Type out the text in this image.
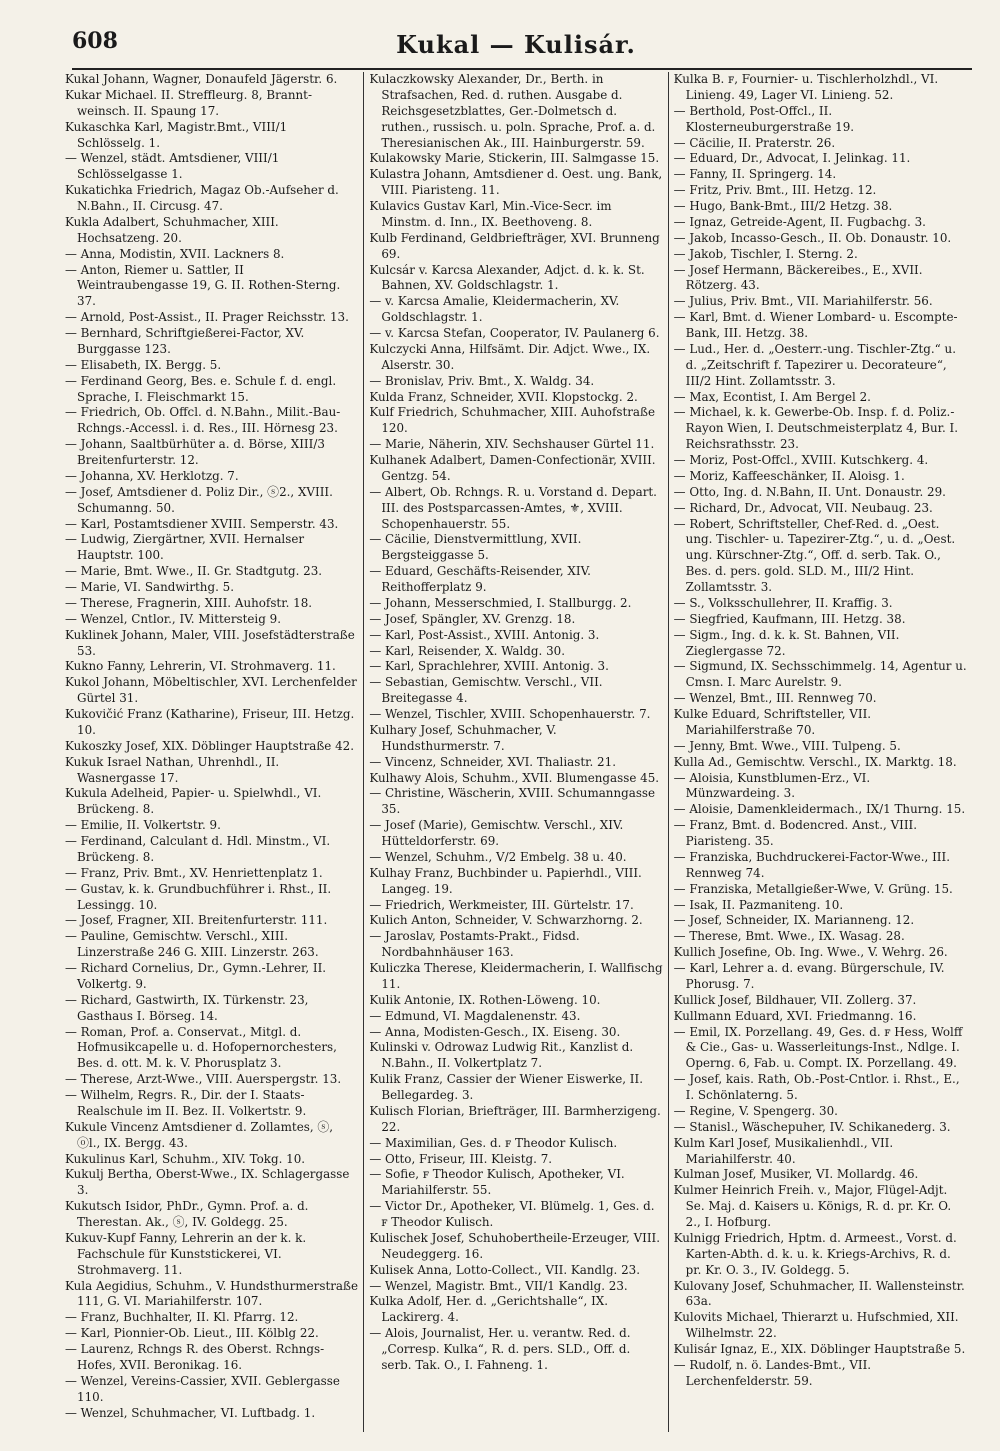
608	Kukal — Kulisár.

Kukal Johann, Wagner, Donaufeld Jägerstr. 6.

Kukar Michael. II. Streffleurg. 8, Brannt-weinsch. II. Spaung 17.

Kukaschka Karl, Magistr.Bmt., VIII/1 Schlösselg. 1.

— Wenzel, städt. Amtsdiener, VIII/1 Schlösselgasse 1.

Kukatichka Friedrich, Magaz Ob.-Aufseher d. N.Bahn., II. Circusg. 47.

Kukla Adalbert, Schuhmacher, XIII. Hochsatzeng. 20.

— Anna, Modistin, XVII. Lackners 8.

— Anton, Riemer u. Sattler, II Weintraubengasse 19, G. II. Rothen-Sterng. 37.

— Arnold, Post-Assist., II. Prager Reichsstr. 13.

— Bernhard, Schriftgießerei-Factor, XV. Burggasse 123.

— Elisabeth, IX. Bergg. 5.

— Ferdinand Georg, Bes. e. Schule f. d. engl. Sprache, I. Fleischmarkt 15.

— Friedrich, Ob. Offcl. d. N.Bahn., Milit.-Bau-Rchngs.-Accessl. i. d. Res., III. Hörnesg 23.

— Johann, Saaltbürhüter a. d. Börse, XIII/3 Breitenfurterstr. 12.

— Johanna, XV. Herklotzg. 7.

— Josef, Amtsdiener d. Poliz Dir., ⓢ2., XVIII. Schumanng. 50.

— Karl, Postamtsdiener XVIII. Semperstr. 43.

— Ludwig, Ziergärtner, XVII. Hernalser Hauptstr. 100.

— Marie, Bmt. Wwe., II. Gr. Stadtgutg. 23.

— Marie, VI. Sandwirthg. 5.

— Therese, Fragnerin, XIII. Auhofstr. 18.

— Wenzel, Cntlor., IV. Mittersteig 9.

Kuklinek Johann, Maler, VIII. Josefstädterstraße 53.

Kukno Fanny, Lehrerin, VI. Strohmaverg. 11.

Kukol Johann, Möbeltischler, XVI. Lerchenfelder Gürtel 31.

Kukovičić Franz (Katharine), Friseur, III. Hetzg. 10.

Kukoszky Josef, XIX. Döblinger Hauptstraße 42.

Kukuk Israel Nathan, Uhrenhdl., II. Wasnergasse 17.

Kukula Adelheid, Papier- u. Spielwhdl., VI. Brückeng. 8.

— Emilie, II. Volkertstr. 9.

— Ferdinand, Calculant d. Hdl. Minstm., VI. Brückeng. 8.

— Franz, Priv. Bmt., XV. Henriettenplatz 1.

— Gustav, k. k. Grundbuchführer i. Rhst., II. Lessingg. 10.

— Josef, Fragner, XII. Breitenfurterstr. 111.

— Pauline, Gemischtw. Verschl., XIII. Linzerstraße 246 G. XIII. Linzerstr. 263.

— Richard Cornelius, Dr., Gymn.-Lehrer, II. Volkertg. 9.

— Richard, Gastwirth, IX. Türkenstr. 23, Gasthaus I. Börseg. 14.

— Roman, Prof. a. Conservat., Mitgl. d. Hofmusikcapelle u. d. Hofopernorchesters, Bes. d. ott. M. k. V. Phorusplatz 3.

— Therese, Arzt-Wwe., VIII. Auerspergstr. 13.

— Wilhelm, Regrs. R., Dir. der I. Staats-Realschule im II. Bez. II. Volkertstr. 9.

Kukule Vincenz Amtsdiener d. Zollamtes, ⓢ, ⓞl., IX. Bergg. 43.

Kukulinus Karl, Schuhm., XIV. Tokg. 10.

Kukulj Bertha, Oberst-Wwe., IX. Schlagergasse 3.

Kukutsch Isidor, PhDr., Gymn. Prof. a. d. Therestan. Ak., ⓢ, IV. Goldegg. 25.

Kukuv-Kupf Fanny, Lehrerin an der k. k. Fachschule für Kunststickerei, VI. Strohmaverg. 11.

Kula Aegidius, Schuhm., V. Hundsthurmerstraße 111, G. VI. Mariahilferstr. 107.

— Franz, Buchhalter, II. Kl. Pfarrg. 12.

— Karl, Pionnier-Ob. Lieut., III. Kölblg 22.

— Laurenz, Rchngs R. des Oberst. Rchngs-Hofes, XVII. Beronikag. 16.

— Wenzel, Vereins-Cassier, XVII. Geblergasse 110.

— Wenzel, Schuhmacher, VI. Luftbadg. 1.

Kulaczkowsky Alexander, Dr., Berth. in Strafsachen, Red. d. ruthen. Ausgabe d. Reichsgesetzblattes, Ger.-Dolmetsch d. ruthen., russisch. u. poln. Sprache, Prof. a. d. Theresianischen Ak., III. Hainburgerstr. 59.

Kulakowsky Marie, Stickerin, III. Salmgasse 15.

Kulastra Johann, Amtsdiener d. Oest. ung. Bank, VIII. Piaristeng. 11.

Kulavics Gustav Karl, Min.-Vice-Secr. im Minstm. d. Inn., IX. Beethoveng. 8.

Kulb Ferdinand, Geldbriefträger, XVI. Brunneng 69.

Kulcsár v. Karcsa Alexander, Adjct. d. k. k. St. Bahnen, XV. Goldschlagstr. 1.

— v. Karcsa Amalie, Kleidermacherin, XV. Goldschlagstr. 1.

— v. Karcsa Stefan, Cooperator, IV. Paulanerg 6.

Kulczycki Anna, Hilfsämt. Dir. Adjct. Wwe., IX. Alserstr. 30.

— Bronislav, Priv. Bmt., X. Waldg. 34.

Kulda Franz, Schneider, XVII. Klopstockg. 2.

Kulf Friedrich, Schuhmacher, XIII. Auhofstraße 120.

— Marie, Näherin, XIV. Sechshauser Gürtel 11.

Kulhanek Adalbert, Damen-Confectionär, XVIII. Gentzg. 54.

— Albert, Ob. Rchngs. R. u. Vorstand d. Depart. III. des Postsparcassen-Amtes, ⚜, XVIII. Schopenhauerstr. 55.

— Cäcilie, Dienstvermittlung, XVII. Bergsteiggasse 5.

— Eduard, Geschäfts-Reisender, XIV. Reithofferplatz 9.

— Johann, Messerschmied, I. Stallburgg. 2.

— Josef, Spängler, XV. Grenzg. 18.

— Karl, Post-Assist., XVIII. Antonig. 3.

— Karl, Reisender, X. Waldg. 30.

— Karl, Sprachlehrer, XVIII. Antonig. 3.

— Sebastian, Gemischtw. Verschl., VII. Breitegasse 4.

— Wenzel, Tischler, XVIII. Schopenhauerstr. 7.

Kulhary Josef, Schuhmacher, V. Hundsthurmerstr. 7.

— Vincenz, Schneider, XVI. Thaliastr. 21.

Kulhawy Alois, Schuhm., XVII. Blumengasse 45.

— Christine, Wäscherin, XVIII. Schumanngasse 35.

— Josef (Marie), Gemischtw. Verschl., XIV. Hütteldorferstr. 69.

— Wenzel, Schuhm., V/2 Embelg. 38 u. 40.

Kulhay Franz, Buchbinder u. Papierhdl., VIII. Langeg. 19.

— Friedrich, Werkmeister, III. Gürtelstr. 17.

Kulich Anton, Schneider, V. Schwarzhorng. 2.

— Jaroslav, Postamts-Prakt., Fidsd. Nordbahnhäuser 163.

Kuliczka Therese, Kleidermacherin, I. Wallfischg 11.

Kulik Antonie, IX. Rothen-Löweng. 10.

— Edmund, VI. Magdalenenstr. 43.

— Anna, Modisten-Gesch., IX. Eiseng. 30.

Kulinski v. Odrowaz Ludwig Rit., Kanzlist d. N.Bahn., II. Volkertplatz 7.

Kulik Franz, Cassier der Wiener Eiswerke, II. Bellegardeg. 3.

Kulisch Florian, Briefträger, III. Barmherzigeng. 22.

— Maximilian, Ges. d. ꜰ Theodor Kulisch.

— Otto, Friseur, III. Kleistg. 7.

— Sofie, ꜰ Theodor Kulisch, Apotheker, VI. Mariahilferstr. 55.

— Victor Dr., Apotheker, VI. Blümelg. 1, Ges. d. ꜰ Theodor Kulisch.

Kulischek Josef, Schuhobertheile-Erzeuger, VIII. Neudeggerg. 16.

Kulisek Anna, Lotto-Collect., VII. Kandlg. 23.

— Wenzel, Magistr. Bmt., VII/1 Kandlg. 23.

Kulka Adolf, Her. d. „Gerichtshalle“, IX. Lackirerg. 4.

— Alois, Journalist, Her. u. verantw. Red. d. „Corresp. Kulka“, R. d. pers. SLD., Off. d. serb. Tak. O., I. Fahneng. 1.

Kulka B. ꜰ, Fournier- u. Tischlerholzhdl., VI. Linieng. 49, Lager VI. Linieng. 52.

— Berthold, Post-Offcl., II. Klosterneuburgerstraße 19.

— Cäcilie, II. Praterstr. 26.

— Eduard, Dr., Advocat, I. Jelinkag. 11.

— Fanny, II. Springerg. 14.

— Fritz, Priv. Bmt., III. Hetzg. 12.

— Hugo, Bank-Bmt., III/2 Hetzg. 38.

— Ignaz, Getreide-Agent, II. Fugbachg. 3.

— Jakob, Incasso-Gesch., II. Ob. Donaustr. 10.

— Jakob, Tischler, I. Sterng. 2.

— Josef Hermann, Bäckereibes., E., XVII. Rötzerg. 43.

— Julius, Priv. Bmt., VII. Mariahilferstr. 56.

— Karl, Bmt. d. Wiener Lombard- u. Escompte-Bank, III. Hetzg. 38.

— Lud., Her. d. „Oesterr.-ung. Tischler-Ztg.“ u. d. „Zeitschrift f. Tapezirer u. Decorateure“, III/2 Hint. Zollamtsstr. 3.

— Max, Econtist, I. Am Bergel 2.

— Michael, k. k. Gewerbe-Ob. Insp. f. d. Poliz.-Rayon Wien, I. Deutschmeisterplatz 4, Bur. I. Reichsrathsstr. 23.

— Moriz, Post-Offcl., XVIII. Kutschkerg. 4.

— Moriz, Kaffeeschänker, II. Aloisg. 1.

— Otto, Ing. d. N.Bahn, II. Unt. Donaustr. 29.

— Richard, Dr., Advocat, VII. Neubaug. 23.

— Robert, Schriftsteller, Chef-Red. d. „Oest. ung. Tischler- u. Tapezirer-Ztg.“, u. d. „Oest. ung. Kürschner-Ztg.“, Off. d. serb. Tak. O., Bes. d. pers. gold. SLD. M., III/2 Hint. Zollamtsstr. 3.

— S., Volksschullehrer, II. Kraffig. 3.

— Siegfried, Kaufmann, III. Hetzg. 38.

— Sigm., Ing. d. k. k. St. Bahnen, VII. Zieglergasse 72.

— Sigmund, IX. Sechsschimmelg. 14, Agentur u. Cmsn. I. Marc Aurelstr. 9.

— Wenzel, Bmt., III. Rennweg 70.

Kulke Eduard, Schriftsteller, VII. Mariahilferstraße 70.

— Jenny, Bmt. Wwe., VIII. Tulpeng. 5.

Kulla Ad., Gemischtw. Verschl., IX. Marktg. 18.

— Aloisia, Kunstblumen-Erz., VI. Münzwardeing. 3.

— Aloisie, Damenkleidermach., IX/1 Thurng. 15.

— Franz, Bmt. d. Bodencred. Anst., VIII. Piaristeng. 35.

— Franziska, Buchdruckerei-Factor-Wwe., III. Rennweg 74.

— Franziska, Metallgießer-Wwe, V. Grüng. 15.

— Isak, II. Pazmaniteng. 10.

— Josef, Schneider, IX. Marianneng. 12.

— Therese, Bmt. Wwe., IX. Wasag. 28.

Kullich Josefine, Ob. Ing. Wwe., V. Wehrg. 26.

— Karl, Lehrer a. d. evang. Bürgerschule, IV. Phorusg. 7.

Kullick Josef, Bildhauer, VII. Zollerg. 37.

Kullmann Eduard, XVI. Friedmanng. 16.

— Emil, IX. Porzellang. 49, Ges. d. ꜰ Hess, Wolff & Cie., Gas- u. Wasserleitungs-Inst., Ndlge. I. Operng. 6, Fab. u. Compt. IX. Porzellang. 49.

— Josef, kais. Rath, Ob.-Post-Cntlor. i. Rhst., E., I. Schönlaterng. 5.

— Regine, V. Spengerg. 30.

— Stanisl., Wäschepuher, IV. Schikanederg. 3.

Kulm Karl Josef, Musikalienhdl., VII. Mariahilferstr. 40.

Kulman Josef, Musiker, VI. Mollardg. 46.

Kulmer Heinrich Freih. v., Major, Flügel-Adjt. Se. Maj. d. Kaisers u. Königs, R. d. pr. Kr. O. 2., I. Hofburg.

Kulnigg Friedrich, Hptm. d. Armeest., Vorst. d. Karten-Abth. d. k. u. k. Kriegs-Archivs, R. d. pr. Kr. O. 3., IV. Goldegg. 5.

Kulovany Josef, Schuhmacher, II. Wallensteinstr. 63a.

Kulovits Michael, Thierarzt u. Hufschmied, XII. Wilhelmstr. 22.

Kulisár Ignaz, E., XIX. Döblinger Hauptstraße 5.

— Rudolf, n. ö. Landes-Bmt., VII. Lerchenfelderstr. 59.
